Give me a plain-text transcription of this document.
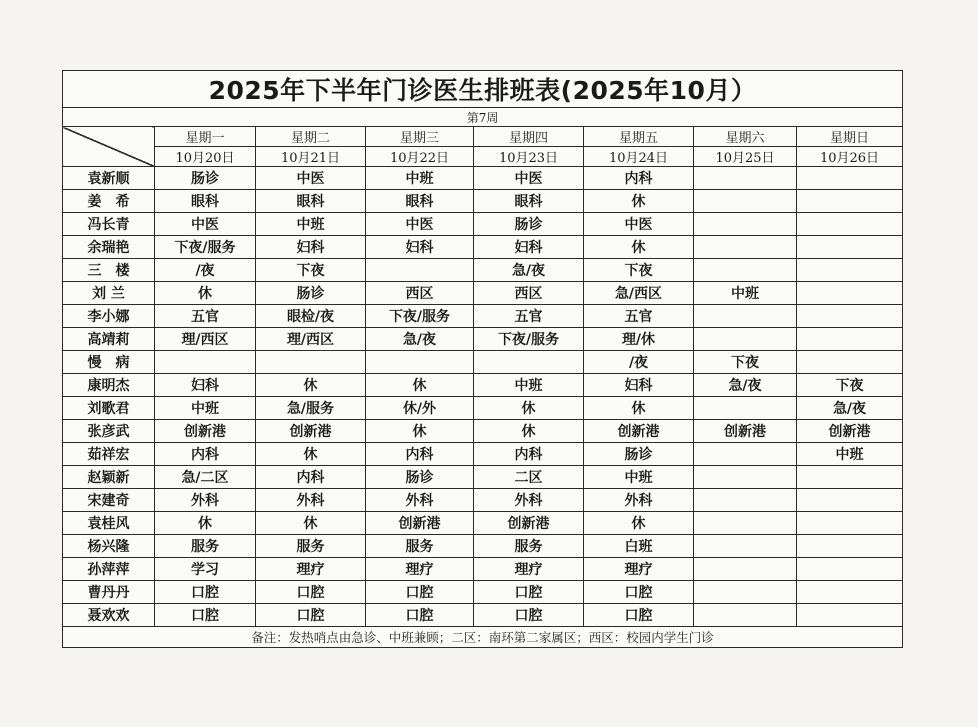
2025年下半年门诊医生排班表(2025年10月）							
第7周							
	星期一	星期二	星期三	星期四	星期五	星期六	星期日
	10月20日	10月21日	10月22日	10月23日	10月24日	10月25日	10月26日
袁新顺	肠诊	中医	中班	中医	内科		
姜　希	眼科	眼科	眼科	眼科	休		
冯长青	中医	中班	中医	肠诊	中医		
余瑞艳	下夜/服务	妇科	妇科	妇科	休		
三　楼	/夜	下夜		急/夜	下夜		
刘 兰	休	肠诊	西区	西区	急/西区	中班	
李小娜	五官	眼检/夜	下夜/服务	五官	五官		
高靖莉	理/西区	理/西区	急/夜	下夜/服务	理/休		
慢　病					/夜	下夜	
康明杰	妇科	休	休	中班	妇科	急/夜	下夜
刘歌君	中班	急/服务	休/外	休	休		急/夜
张彦武	创新港	创新港	休	休	创新港	创新港	创新港
茹祥宏	内科	休	内科	内科	肠诊		中班
赵颖新	急/二区	内科	肠诊	二区	中班		
宋建奇	外科	外科	外科	外科	外科		
袁桂风	休	休	创新港	创新港	休		
杨兴隆	服务	服务	服务	服务	白班		
孙萍萍	学习	理疗	理疗	理疗	理疗		
曹丹丹	口腔	口腔	口腔	口腔	口腔		
聂欢欢	口腔	口腔	口腔	口腔	口腔		
备注：发热哨点由急诊、中班兼顾；二区：南环第二家属区；西区：校园内学生门诊							
